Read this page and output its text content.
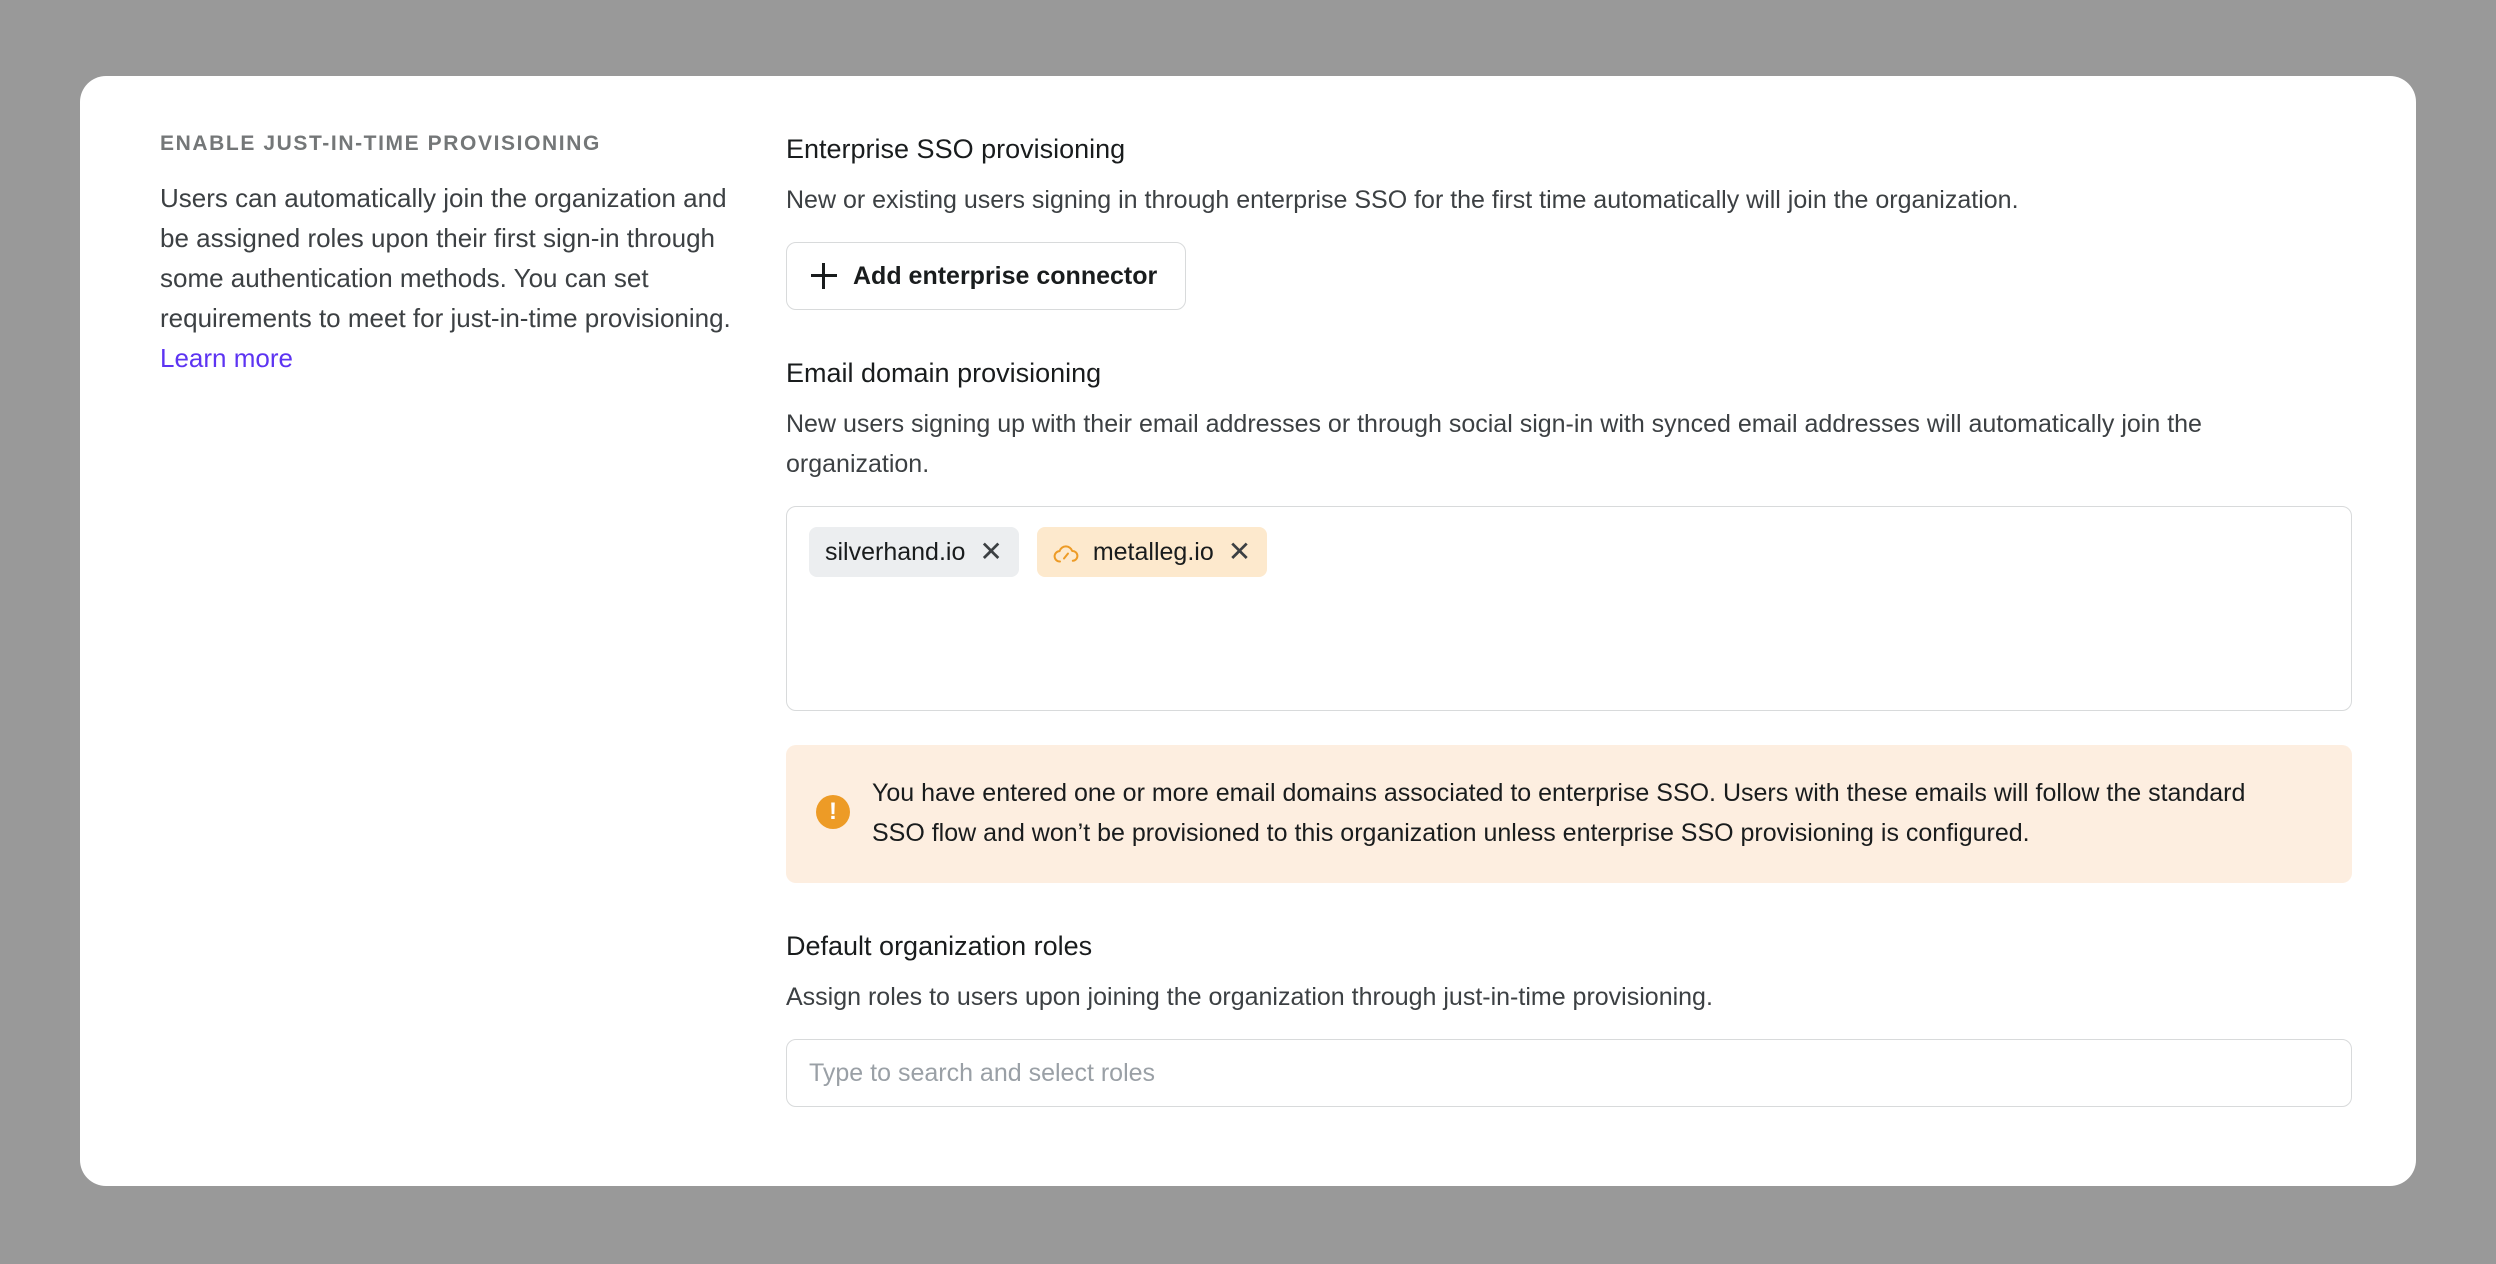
ENABLE JUST-IN-TIME PROVISIONING

Users can automatically join the organization and be assigned roles upon their first sign-in through some authentication methods. You can set requirements to meet for just-in-time provisioning. Learn more

Enterprise SSO provisioning
New or existing users signing in through enterprise SSO for the first time automatically will join the organization.
Add enterprise connector
Email domain provisioning
New users signing up with their email addresses or through social sign-in with synced email addresses will automatically join the organization.
silverhand.io ✕	metalleg.io ✕
!
You have entered one or more email domains associated to enterprise SSO. Users with these emails will follow the standard SSO flow and won’t be provisioned to this organization unless enterprise SSO provisioning is configured.
Default organization roles
Assign roles to users upon joining the organization through just-in-time provisioning.
Type to search and select roles
